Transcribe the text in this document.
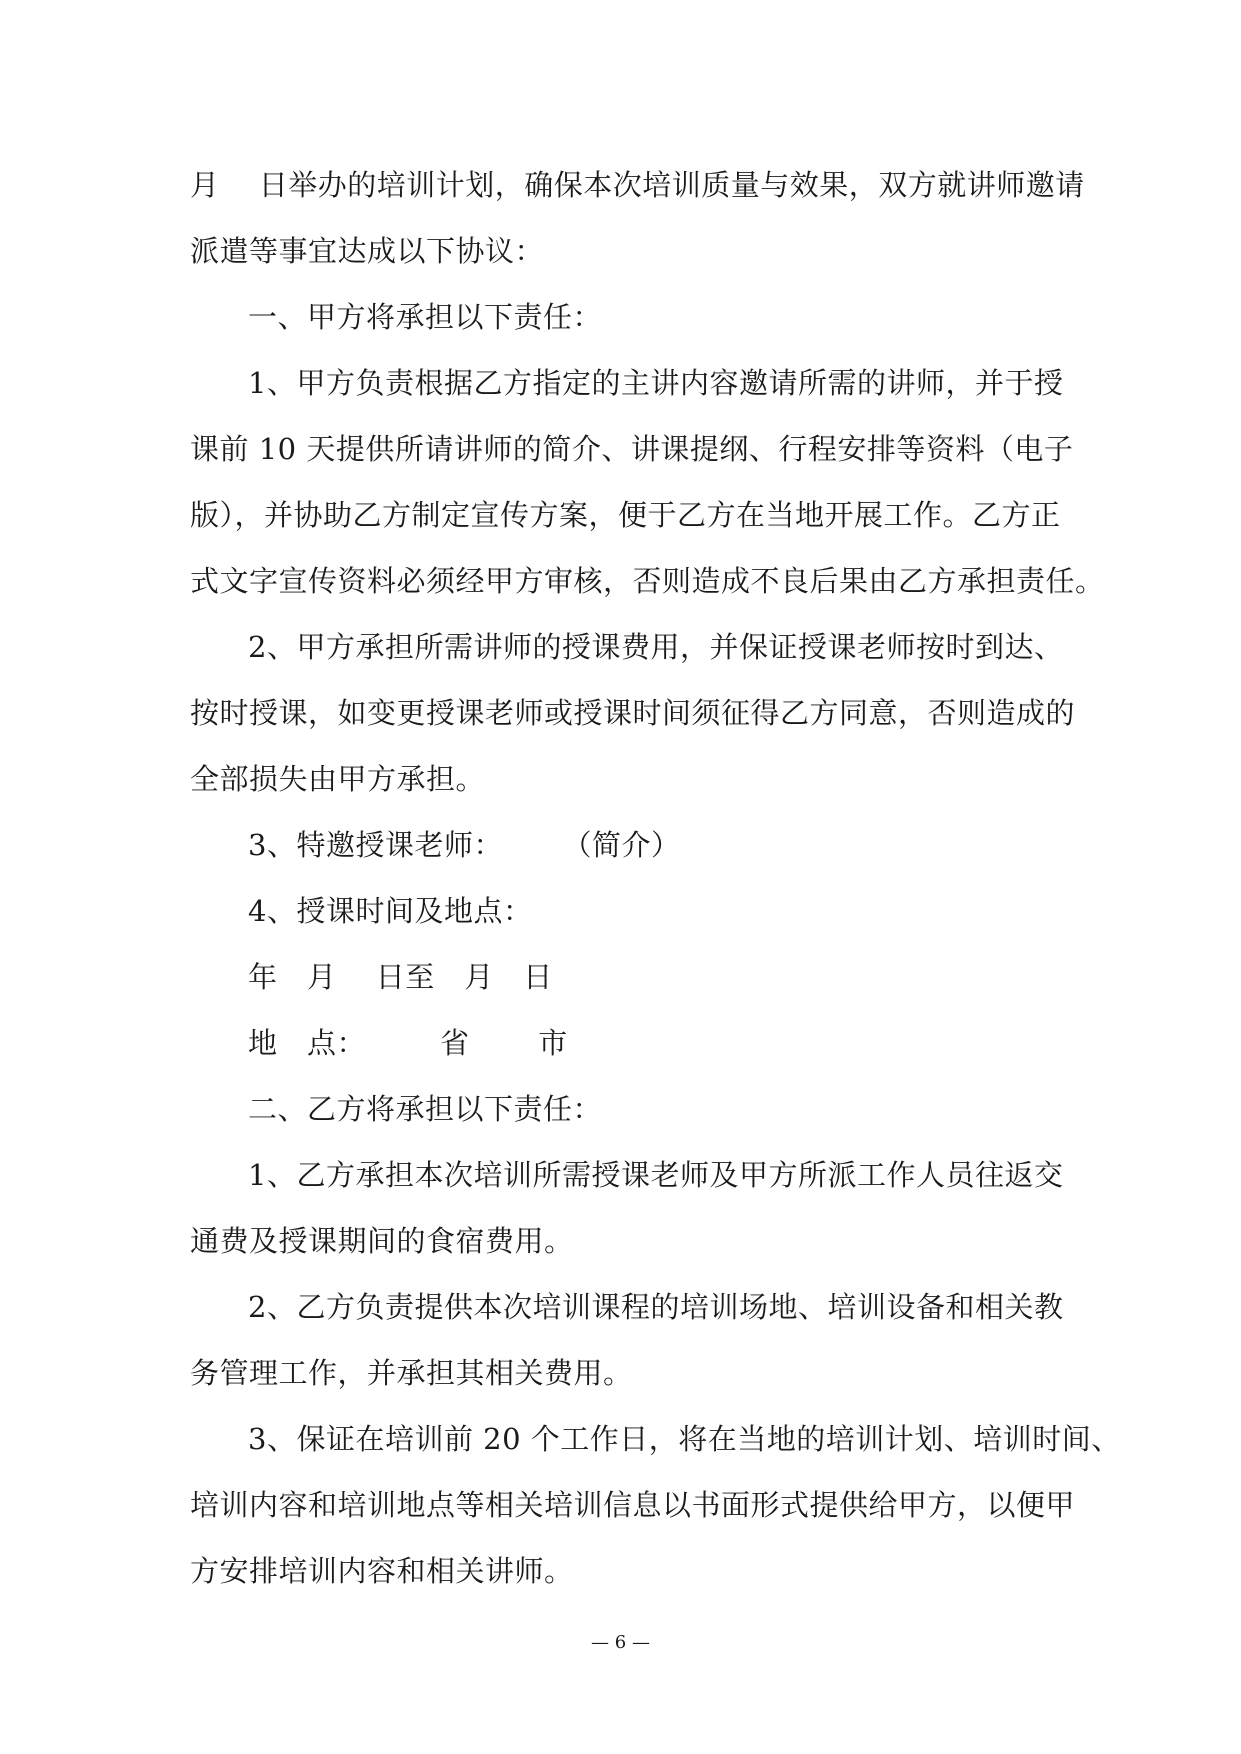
月　 日举办的培训计划，确保本次培训质量与效果，双方就讲师邀请
派遣等事宜达成以下协议：
一、甲方将承担以下责任：
1、甲方负责根据乙方指定的主讲内容邀请所需的讲师，并于授
课前 10 天提供所请讲师的简介、讲课提纲、行程安排等资料（电子
版），并协助乙方制定宣传方案，便于乙方在当地开展工作。乙方正
式文字宣传资料必须经甲方审核，否则造成不良后果由乙方承担责任。
2、甲方承担所需讲师的授课费用，并保证授课老师按时到达、
按时授课，如变更授课老师或授课时间须征得乙方同意，否则造成的
全部损失由甲方承担。
3、特邀授课老师：　　　（简介）
4、授课时间及地点：
年　月　 日至　月　日
地　点：　　　省　　 市
二、乙方将承担以下责任：
1、乙方承担本次培训所需授课老师及甲方所派工作人员往返交
通费及授课期间的食宿费用。
2、乙方负责提供本次培训课程的培训场地、培训设备和相关教
务管理工作，并承担其相关费用。
3、保证在培训前 20 个工作日，将在当地的培训计划、培训时间、
培训内容和培训地点等相关培训信息以书面形式提供给甲方，以便甲
方安排培训内容和相关讲师。
— 6 —
